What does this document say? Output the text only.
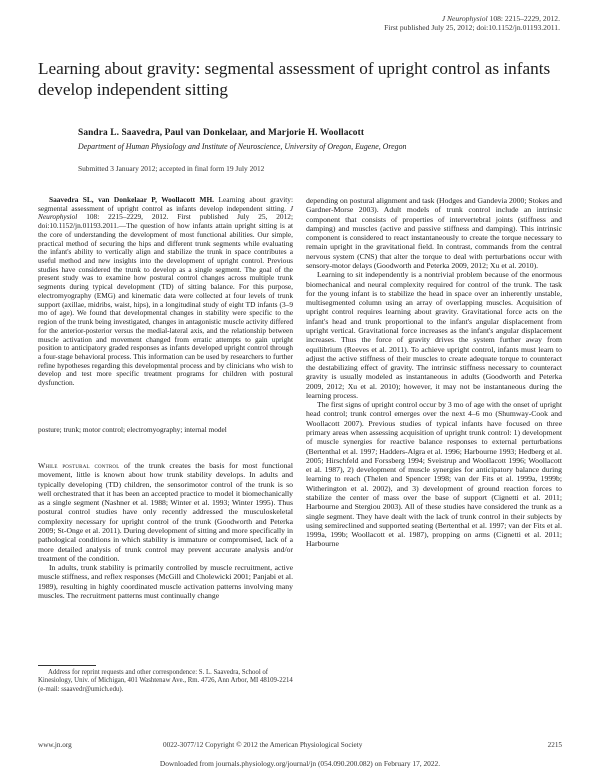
J Neurophysiol 108: 2215–2229, 2012.
First published July 25, 2012; doi:10.1152/jn.01193.2011.
Learning about gravity: segmental assessment of upright control as infants develop independent sitting
Sandra L. Saavedra, Paul van Donkelaar, and Marjorie H. Woollacott
Department of Human Physiology and Institute of Neuroscience, University of Oregon, Eugene, Oregon
Submitted 3 January 2012; accepted in final form 19 July 2012

Saavedra SL, van Donkelaar P, Woollacott MH. Learning about gravity: segmental assessment of upright control as infants develop independent sitting. J Neurophysiol 108: 2215–2229, 2012. First published July 25, 2012; doi:10.1152/jn.01193.2011.—The question of how infants attain upright sitting is at the core of understanding the development of most functional abilities. Our simple, practical method of securing the hips and different trunk segments while evaluating the infant's ability to vertically align and stabilize the trunk in space contributes a useful method and new insights into the development of upright control. Previous studies have considered the trunk to develop as a single segment. The goal of the present study was to examine how postural control changes across multiple trunk segments during typical development (TD) of sitting balance. For this purpose, electromyography (EMG) and kinematic data were collected at four levels of trunk support (axillae, midribs, waist, hips), in a longitudinal study of eight TD infants (3–9 mo of age). We found that developmental changes in stability were specific to the region of the trunk being investigated, changes in antagonistic muscle activity differed for the anterior-posterior versus the medial-lateral axis, and the relationship between muscle activation and movement changed from erratic attempts to gain upright position to anticipatory graded responses as infants developed upright control through a four-stage behavioral process. This information can be used by researchers to further refine hypotheses regarding this developmental process and by clinicians who wish to develop and test more specific treatment programs for children with postural dysfunction.

posture; trunk; motor control; electromyography; internal model

While postural control of the trunk creates the basis for most functional movement, little is known about how trunk stability develops. In adults and typically developing (TD) children, the sensorimotor control of the trunk is so well orchestrated that it has been an accepted practice to model it biomechanically as a single segment (Nashner et al. 1988; Winter et al. 1993; Winter 1995). Thus postural control studies have only recently addressed the musculoskeletal complexity necessary for upright control of the trunk (Goodworth and Peterka 2009; St-Onge et al. 2011). During development of sitting and more specifically in pathological conditions in which stability is immature or compromised, lack of a more detailed analysis of trunk control may prevent accurate analysis and/or treatment of the condition.

In adults, trunk stability is primarily controlled by muscle recruitment, active muscle stiffness, and reflex responses (McGill and Cholewicki 2001; Panjabi et al. 1989), resulting in highly coordinated muscle activation patterns involving many muscles. The recruitment patterns must continually change

depending on postural alignment and task (Hodges and Gandevia 2000; Stokes and Gardner-Morse 2003). Adult models of trunk control include an intrinsic component that consists of properties of intervertebral joints (stiffness and damping) and muscles (active and passive stiffness and damping). This intrinsic component is considered to react instantaneously to create the torque necessary to remain upright in the gravitational field. In contrast, commands from the central nervous system (CNS) that alter the torque to deal with perturbations occur with sensory-motor delays (Goodworth and Peterka 2009, 2012; Xu et al. 2010).

Learning to sit independently is a nontrivial problem because of the enormous biomechanical and neural complexity required for control of the trunk. The task for the young infant is to stabilize the head in space over an inherently unstable, multisegmented column using an array of overlapping muscles. Acquisition of upright control requires learning about gravity. Gravitational force acts on the infant's head and trunk proportional to the infant's angular displacement from upright vertical. Gravitational force increases as the infant's angular displacement increases. Thus the force of gravity drives the system further away from equilibrium (Reeves et al. 2011). To achieve upright control, infants must learn to adjust the active stiffness of their muscles to create adequate torque to counteract the destabilizing effect of gravity. The intrinsic stiffness necessary to counteract gravity is usually modeled as instantaneous in adults (Goodworth and Peterka 2009, 2012; Xu et al. 2010); however, it may not be instantaneous during the learning process.

The first signs of upright control occur by 3 mo of age with the onset of upright head control; trunk control emerges over the next 4–6 mo (Shumway-Cook and Woollacott 2007). Previous studies of typical infants have focused on three primary areas when assessing acquisition of upright trunk control: 1) development of muscle synergies for reactive balance responses to external perturbations (Bertenthal et al. 1997; Hadders-Algra et al. 1996; Harbourne 1993; Hedberg et al. 2005; Hirschfeld and Forssberg 1994; Sveistrup and Woollacott 1996; Woollacott et al. 1987), 2) development of muscle synergies for anticipatory balance during learning to reach (Thelen and Spencer 1998; van der Fits et al. 1999a, 1999b; Witherington et al. 2002), and 3) development of ground reaction forces to stabilize the center of mass over the base of support (Cignetti et al. 2011; Harbourne and Stergiou 2003). All of these studies have considered the trunk as a single segment. They have dealt with the lack of trunk control in their subjects by using semireclined and supported seating (Bertenthal et al. 1997; van der Fits et al. 1999a, 199b; Woollacott et al. 1987), propping on arms (Cignetti et al. 2011; Harbourne

Address for reprint requests and other correspondence: S. L. Saavedra, School of Kinesiology, Univ. of Michigan, 401 Washtenaw Ave., Rm. 4726, Ann Arbor, MI 48109-2214 (e-mail: ssaavedr@umich.edu).

www.jn.org	0022-3077/12 Copyright © 2012 the American Physiological Society	2215
Downloaded from journals.physiology.org/journal/jn (054.090.200.082) on February 17, 2022.
